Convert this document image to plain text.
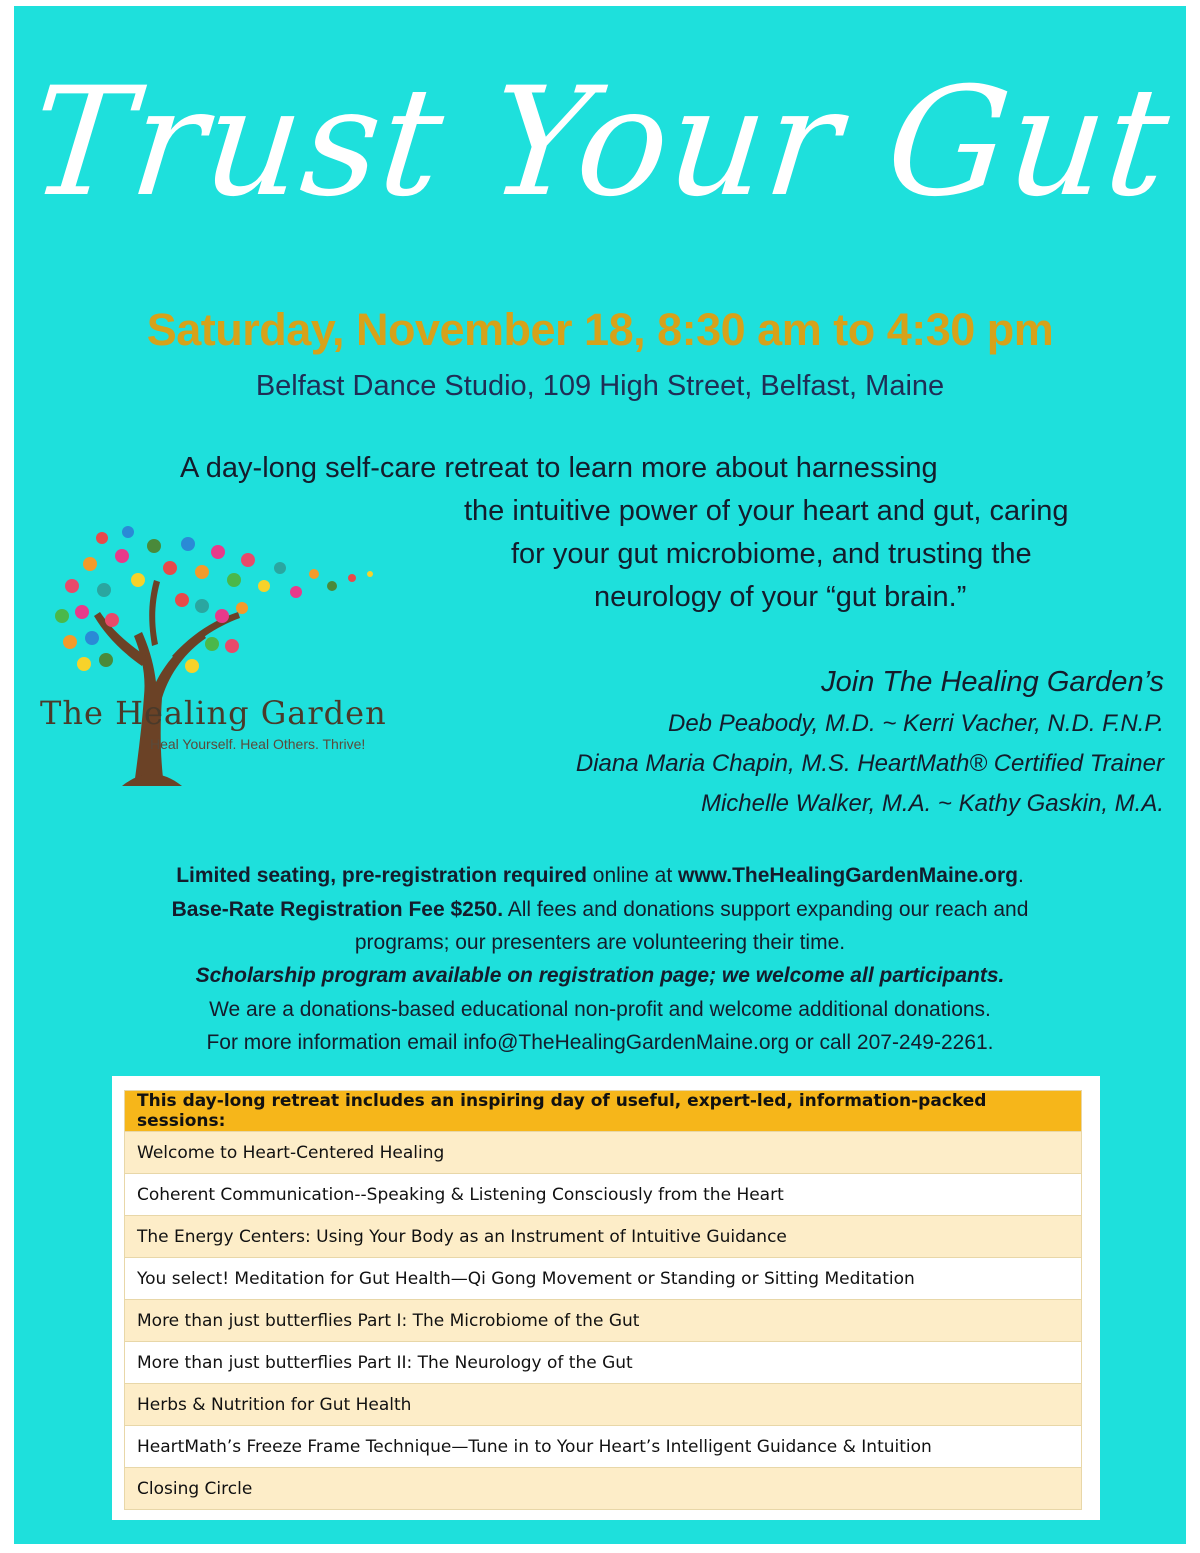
Trust Your Gut
Saturday, November 18, 8:30 am to 4:30 pm
Belfast Dance Studio, 109 High Street, Belfast, Maine
A day-long self-care retreat to learn more about harnessing
the intuitive power of your heart and gut, caring
for your gut microbiome, and trusting the
neurology of your “gut brain.”
The Healing Garden
Heal Yourself. Heal Others. Thrive!
Join The Healing Garden’s
Deb Peabody, M.D. ~ Kerri Vacher, N.D. F.N.P.
Diana Maria Chapin, M.S. HeartMath® Certified Trainer
Michelle Walker, M.A. ~ Kathy Gaskin, M.A.
Limited seating, pre-registration required online at www.TheHealingGardenMaine.org.
Base-Rate Registration Fee $250. All fees and donations support expanding our reach and
programs; our presenters are volunteering their time.
Scholarship program available on registration page; we welcome all participants.
We are a donations-based educational non-profit and welcome additional donations.
For more information email info@TheHealingGardenMaine.org or call 207-249-2261.
This day-long retreat includes an inspiring day of useful, expert-led, information-packed sessions:
Welcome to Heart-Centered Healing
Coherent Communication--Speaking & Listening Consciously from the Heart
The Energy Centers: Using Your Body as an Instrument of Intuitive Guidance
You select! Meditation for Gut Health—Qi Gong Movement or Standing or Sitting Meditation
More than just butterflies Part I: The Microbiome of the Gut
More than just butterflies Part II: The Neurology of the Gut
Herbs & Nutrition for Gut Health
HeartMath’s Freeze Frame Technique—Tune in to Your Heart’s Intelligent Guidance & Intuition
Closing Circle
